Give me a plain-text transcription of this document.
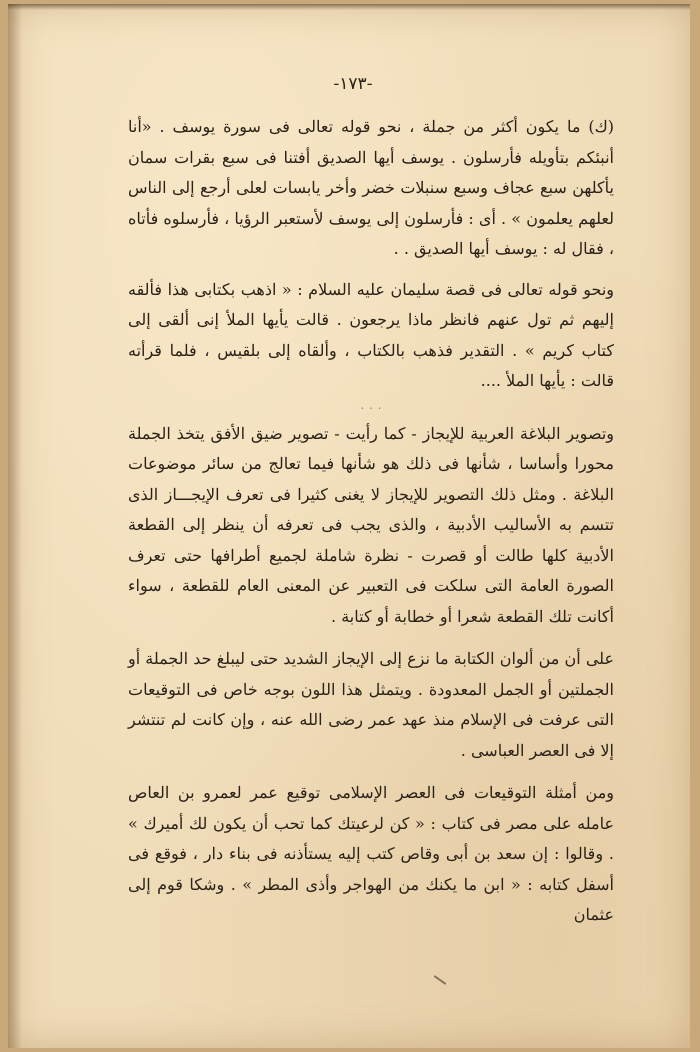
-١٧٣-

(ك) ما يكون أكثر من جملة ، نحو قوله تعالى فى سورة يوسف . «أنا أنبئكم بتأويله فأرسلون . يوسف أيها الصديق أفتنا فى سبع بقرات سمان يأكلهن سبع عجاف وسبع سنبلات خضر وأخر يابسات لعلى أرجع إلى الناس لعلهم يعلمون » . أى : فأرسلون إلى يوسف لأستعبر الرؤيا ، فأرسلوه فأتاه ، فقال له : يوسف أيها الصديق . .

ونحو قوله تعالى فى قصة سليمان عليه السلام : « اذهب بكتابى هذا فألقه إليهم ثم تول عنهم فانظر ماذا يرجعون . قالت يأيها الملأ إنى ألقى إلى كتاب كريم » . التقدير فذهب بالكتاب ، وألقاه إلى بلقيس ، فلما قرأته قالت : يأيها الملأ ....

۰ ۰ ۰

وتصوير البلاغة العربية للإيجاز - كما رأيت - تصوير ضيق الأفق يتخذ الجملة محورا وأساسا ، شأنها فى ذلك هو شأنها فيما تعالج من سائر موضوعات البلاغة . ومثل ذلك التصوير للإيجاز لا يغنى كثيرا فى تعرف الإيجـــاز الذى تتسم به الأساليب الأدبية ، والذى يجب فى تعرفه أن ينظر إلى القطعة الأدبية كلها طالت أو قصرت - نظرة شاملة لجميع أطرافها حتى تعرف الصورة العامة التى سلكت فى التعبير عن المعنى العام للقطعة ، سواء أكانت تلك القطعة شعرا أو خطابة أو كتابة .

على أن من ألوان الكتابة ما نزع إلى الإيجاز الشديد حتى ليبلغ حد الجملة أو الجملتين أو الجمل المعدودة . ويتمثل هذا اللون بوجه خاص فى التوقيعات التى عرفت فى الإسلام منذ عهد عمر رضى الله عنه ، وإن كانت لم تنتشر إلا فى العصر العباسى .

ومن أمثلة التوقيعات فى العصر الإسلامى توقيع عمر لعمرو بن العاص عامله على مصر فى كتاب : « كن لرعيتك كما تحب أن يكون لك أميرك » . وقالوا : إن سعد بن أبى وقاص كتب إليه يستأذنه فى بناء دار ، فوقع فى أسفل كتابه : « ابن ما يكنك من الهواجر وأذى المطر » . وشكا قوم إلى عثمان
